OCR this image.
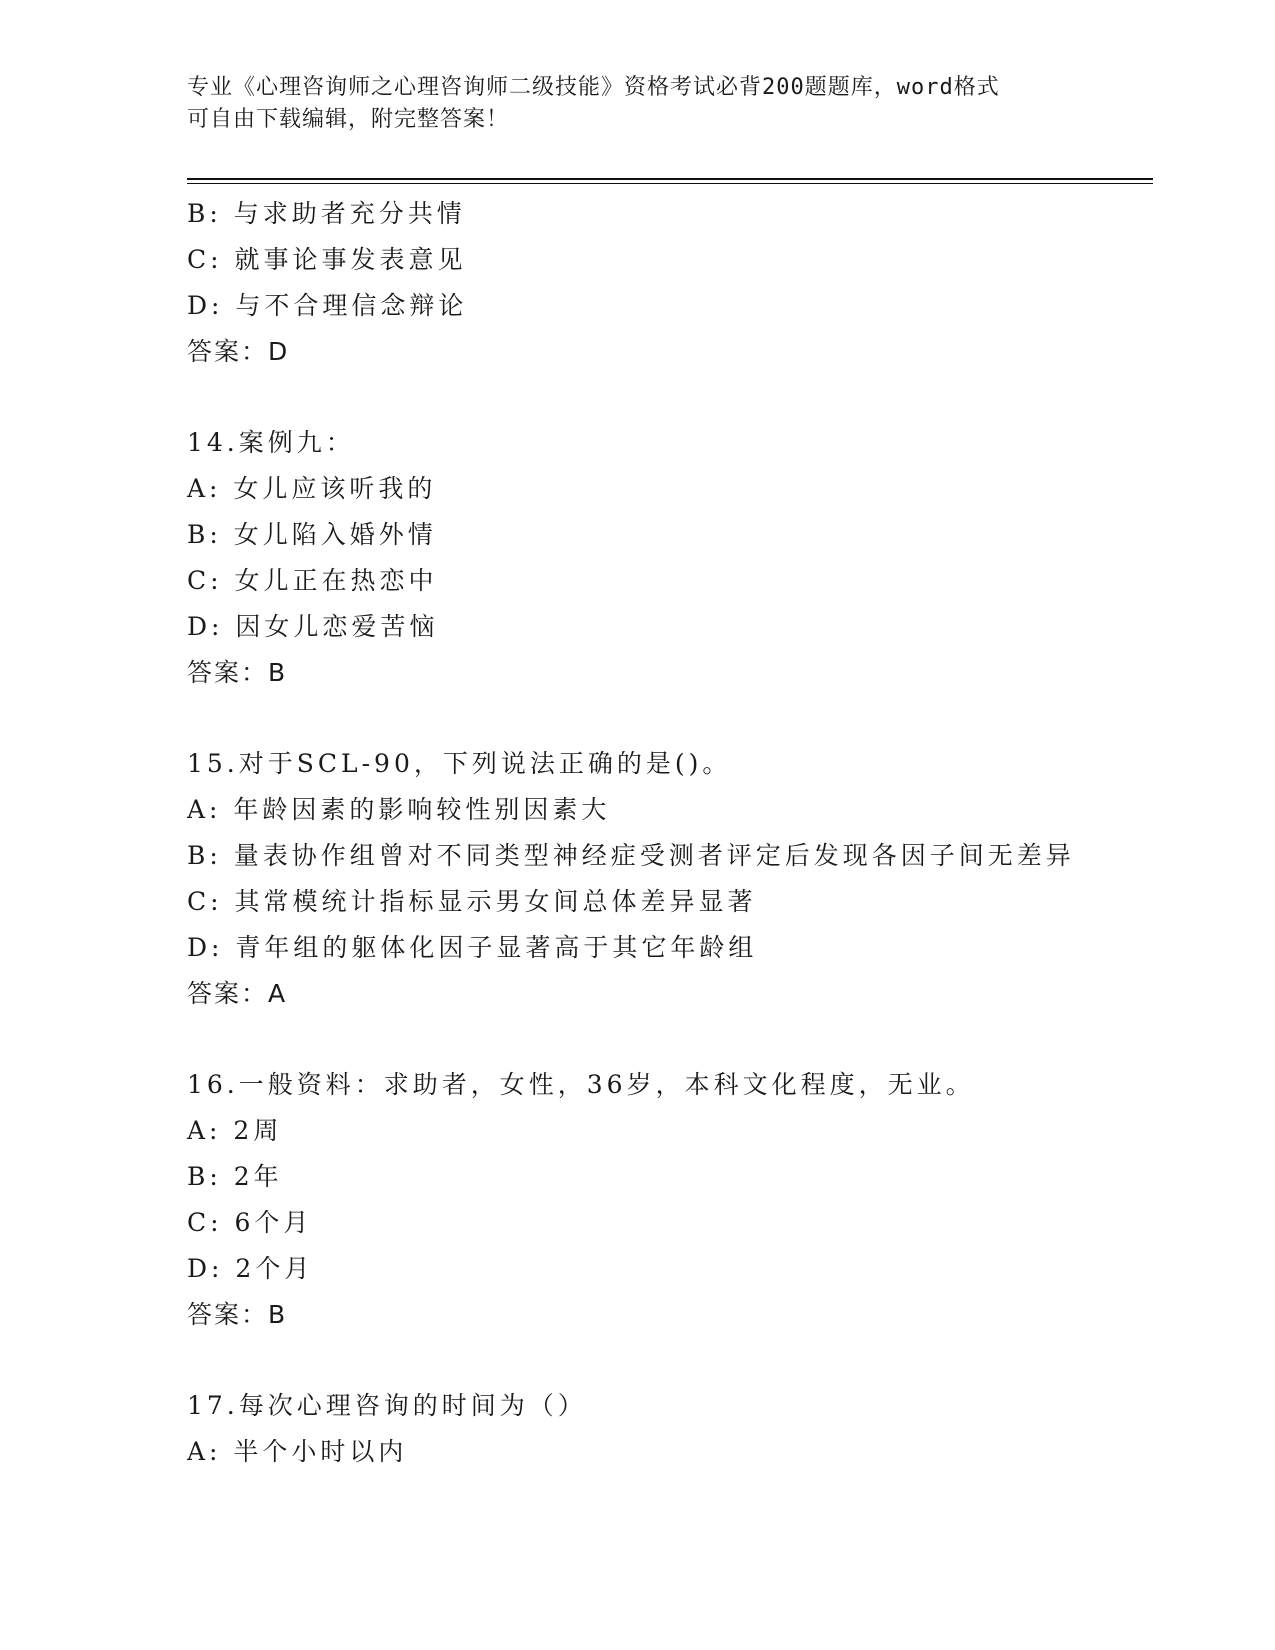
专业《心理咨询师之心理咨询师二级技能》资格考试必背200题题库，word格式
可自由下载编辑，附完整答案！
B: 与求助者充分共情
C: 就事论事发表意见
D: 与不合理信念辩论
答案：D
14.案例九：
A: 女儿应该听我的
B: 女儿陷入婚外情
C: 女儿正在热恋中
D: 因女儿恋爱苦恼
答案：B
15.对于SCL-90，下列说法正确的是()。
A: 年龄因素的影响较性别因素大
B: 量表协作组曾对不同类型神经症受测者评定后发现各因子间无差异
C: 其常模统计指标显示男女间总体差异显著
D: 青年组的躯体化因子显著高于其它年龄组
答案：A
16.一般资料：求助者，女性，36岁，本科文化程度，无业。
A: 2周
B: 2年
C: 6个月
D: 2个月
答案：B
17.每次心理咨询的时间为（）
A: 半个小时以内
